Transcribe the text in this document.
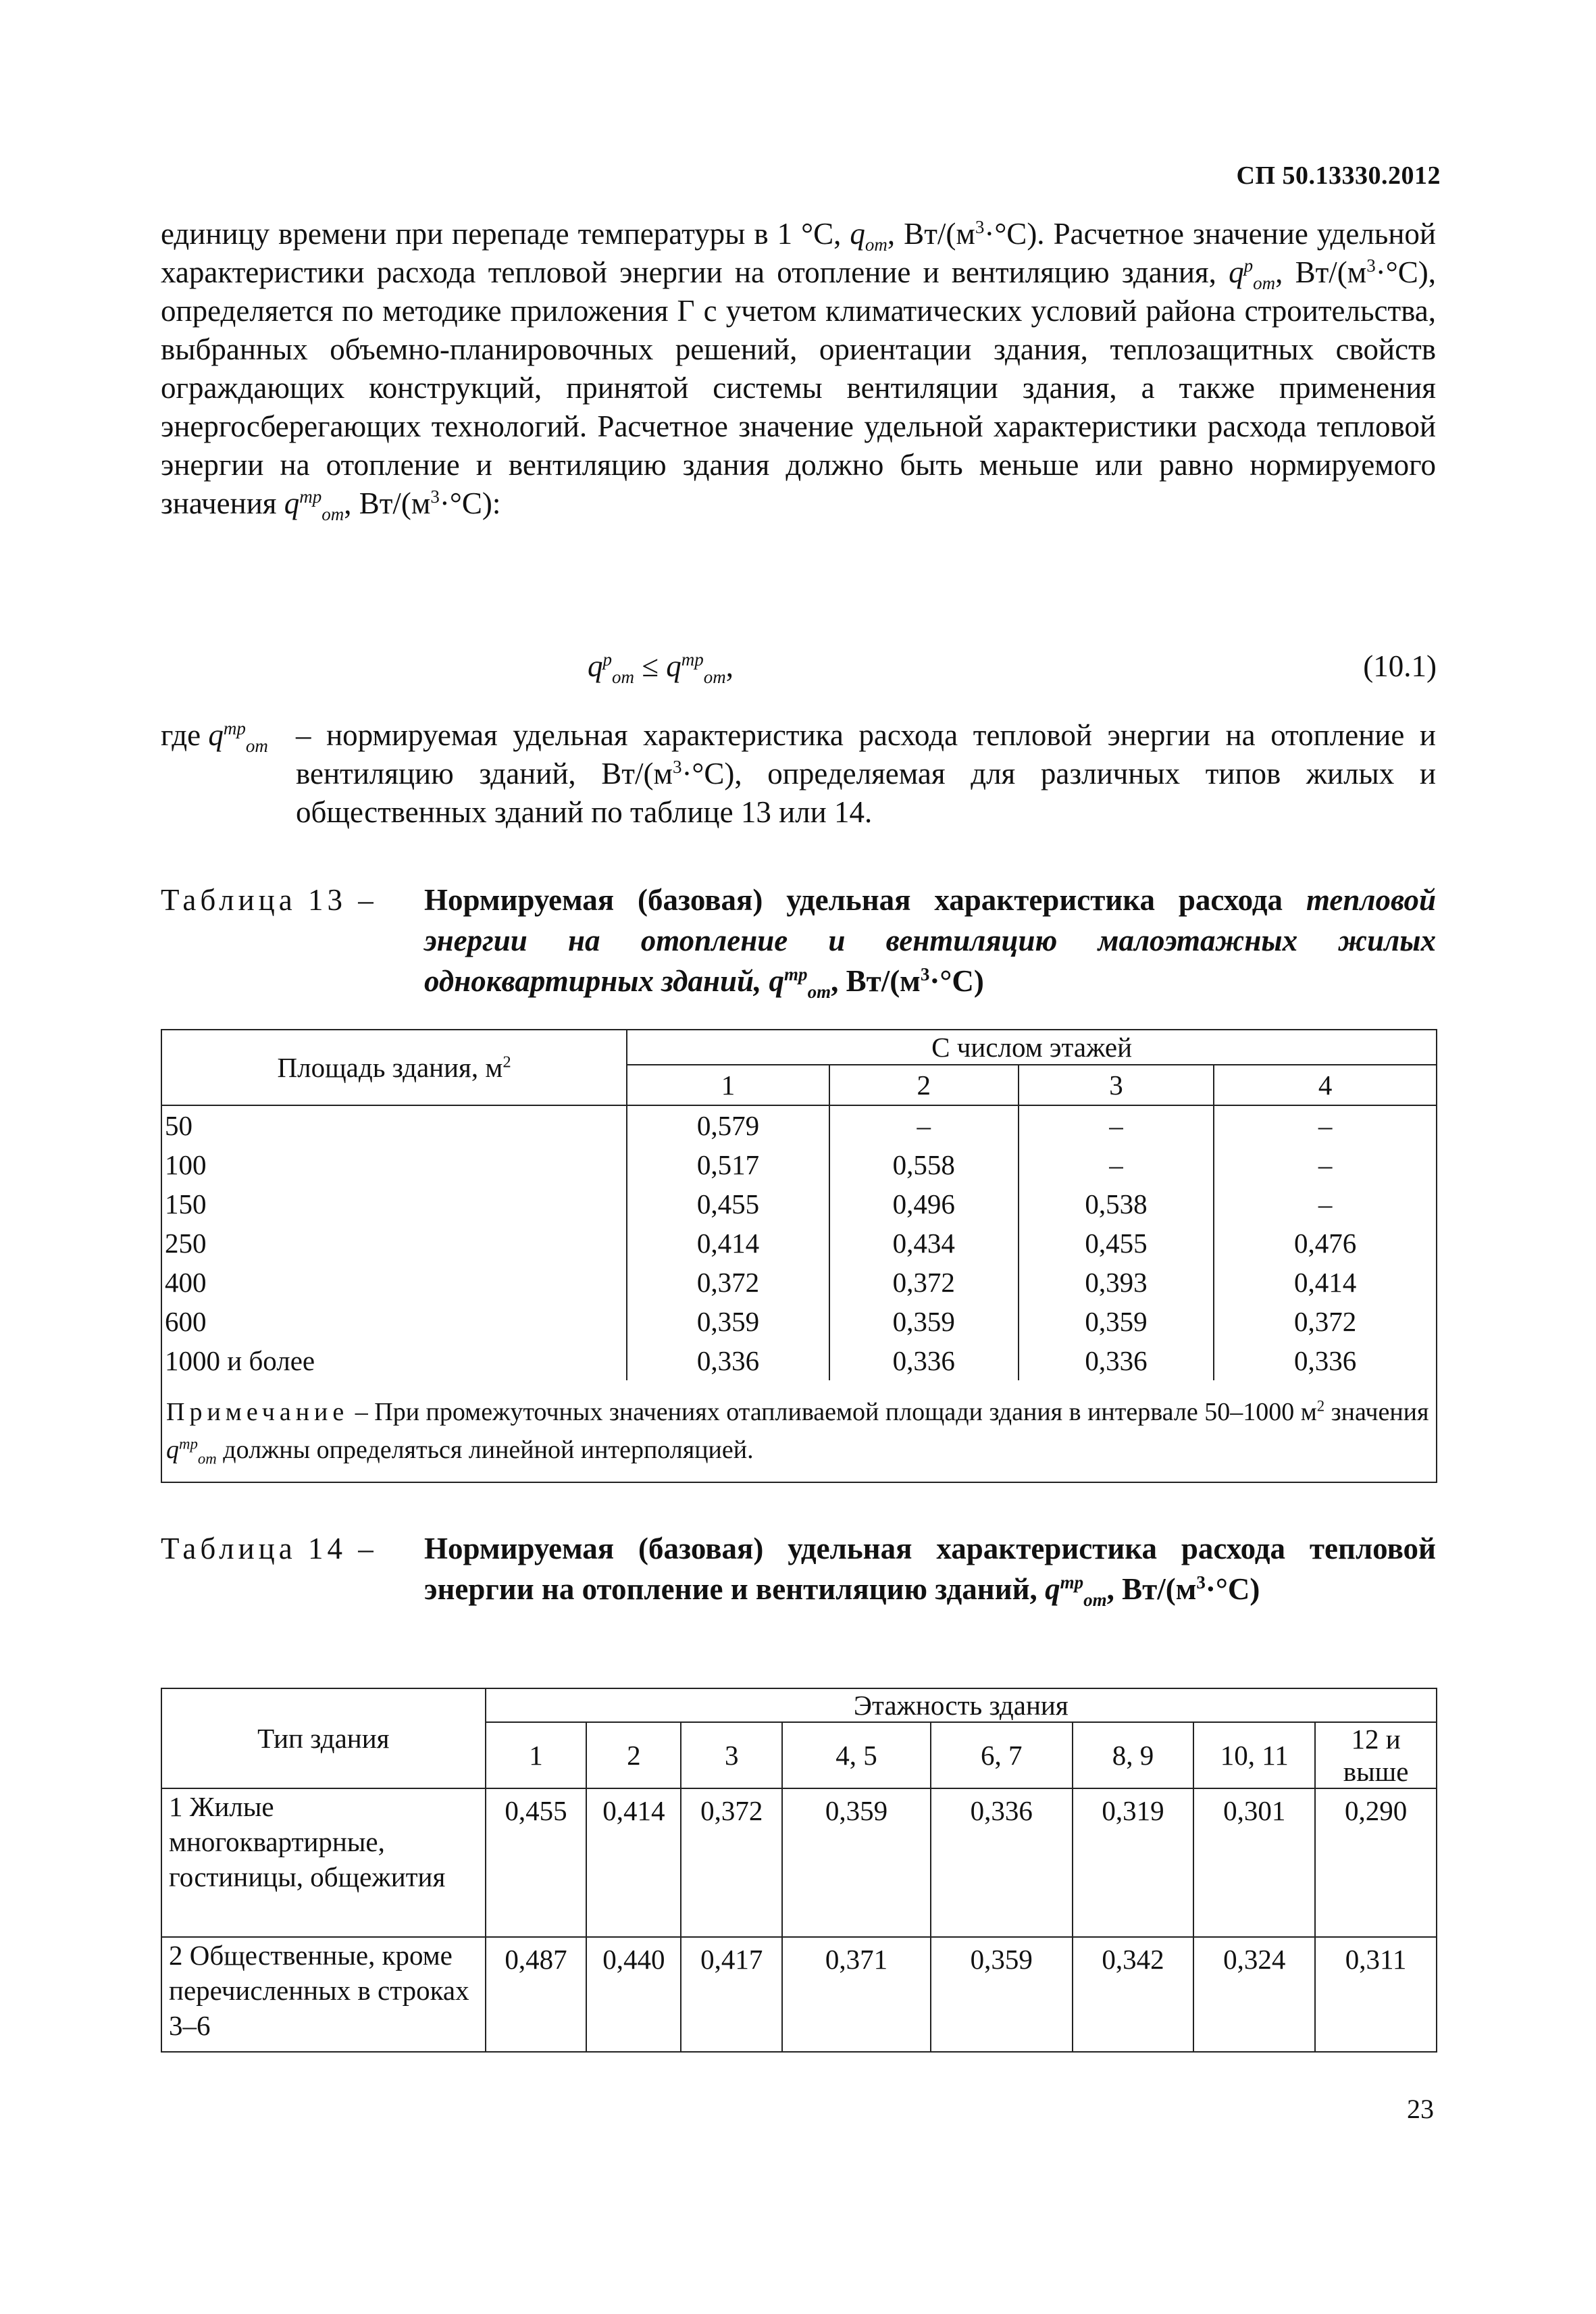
СП 50.13330.2012

единицу времени при перепаде температуры в 1 °С, $q_{от}$, $Вт/(м^3\cdot^\circ С)$. Расчетное значение удельной характеристики расхода тепловой энергии на отопление и вентиляцию здания, $q^р_{от}$, $Вт/(м^3\cdot^\circ С)$, определяется по методике приложения Г с учетом климатических условий района строительства, выбранных объемно-планировочных решений, ориентации здания, теплозащитных свойств ограждающих конструкций, принятой системы вентиляции здания, а также применения энергосберегающих технологий. Расчетное значение удельной характеристики расхода тепловой энергии на отопление и вентиляцию здания должно быть меньше или равно нормируемого значения $q^{тр}_{от}$, $Вт/(м^3\cdot^\circ С)$:

$q^р_{от} \le q^{тр}_{от}$,	(10.1)
где $q^{тр}_{от}$ – нормируемая удельная характеристика расхода тепловой энергии на отопление и вентиляцию зданий, $Вт/(м^3\cdot^\circ С)$, определяемая для различных типов жилых и общественных зданий по таблице 13 или 14.
Таблица 13 – Нормируемая (базовая) удельная характеристика расхода тепловой энергии на отопление и вентиляцию малоэтажных жилых одноквартирных зданий, $q^{тр}_{от}$, $Вт/(м^3\cdot^\circ С)$
Площадь здания, $м^2$	С числом этажей			
	1	2	3	4
50	0,579	–	–	–
100	0,517	0,558	–	–
150	0,455	0,496	0,538	–
250	0,414	0,434	0,455	0,476
400	0,372	0,372	0,393	0,414
600	0,359	0,359	0,359	0,372
1000 и более	0,336	0,336	0,336	0,336
Примечание – При промежуточных значениях отапливаемой площади здания в интервале 50–1000 $м^2$ значения $q^{тр}_{от}$ должны определяться линейной интерполяцией.				
Таблица 14 – Нормируемая (базовая) удельная характеристика расхода тепловой энергии на отопление и вентиляцию зданий, $q^{тр}_{от}$, $Вт/(м^3\cdot^\circ С)$
Тип здания	Этажность здания							
	1	2	3	4, 5	6, 7	8, 9	10, 11	12 и выше
1 Жилые многоквартирные, гостиницы, общежития	0,455	0,414	0,372	0,359	0,336	0,319	0,301	0,290
2 Общественные, кроме перечисленных в строках 3–6	0,487	0,440	0,417	0,371	0,359	0,342	0,324	0,311
23
